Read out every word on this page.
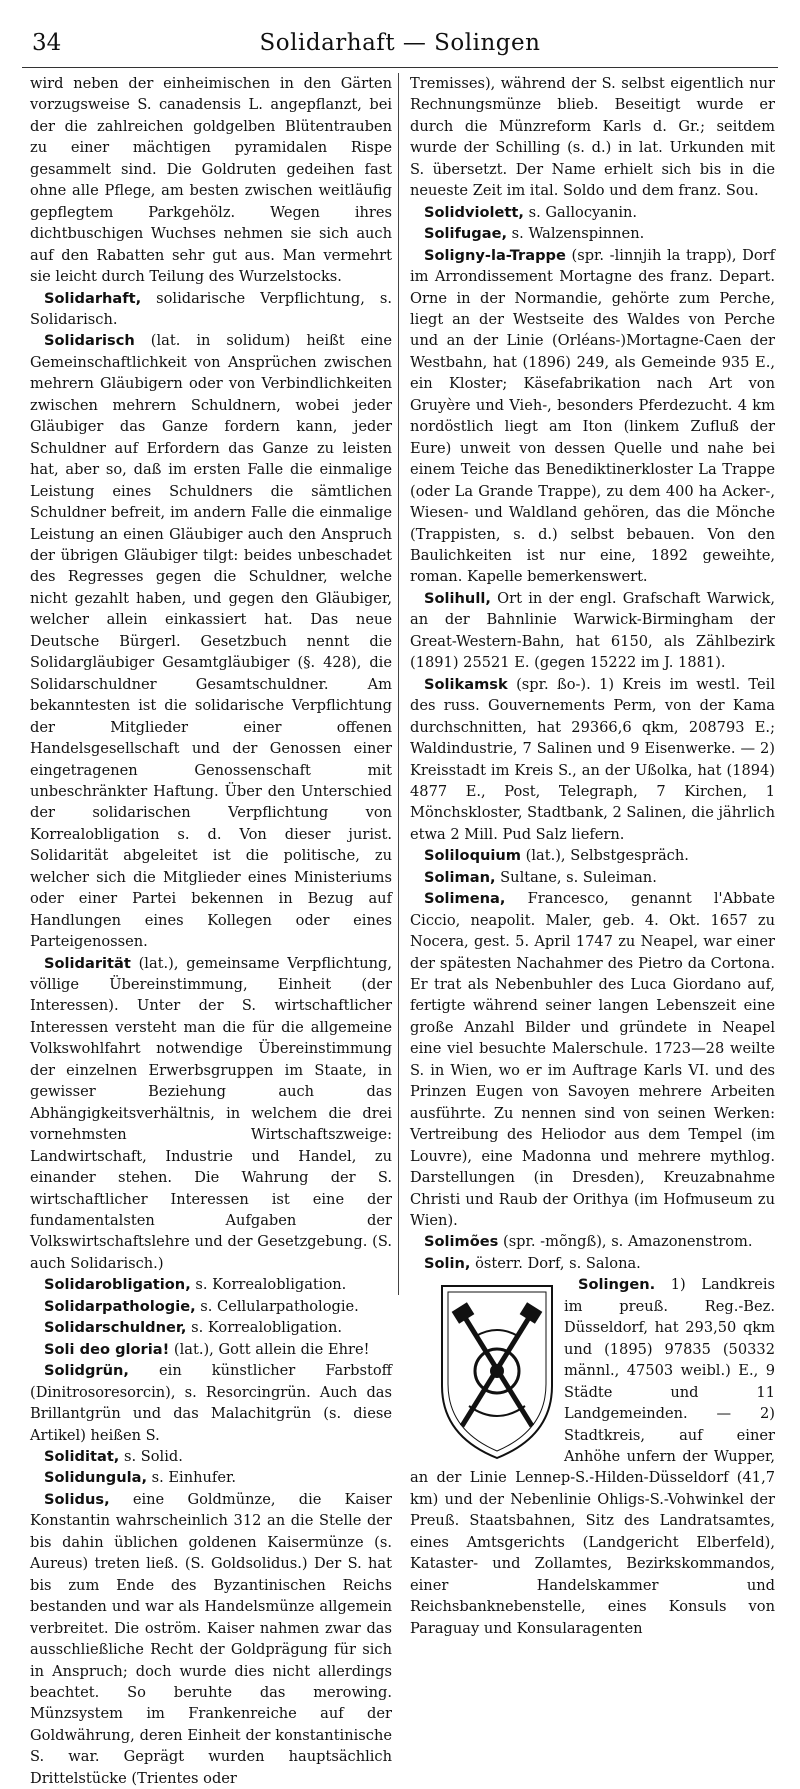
34	Solidarhaft — Solingen

wird neben der einheimischen in den Gärten vorzugsweise S. canadensis L. angepflanzt, bei der die zahlreichen goldgelben Blütentrauben zu einer mächtigen pyramidalen Rispe gesammelt sind. Die Goldruten gedeihen fast ohne alle Pflege, am besten zwischen weitläufig gepflegtem Parkgehölz. Wegen ihres dichtbuschigen Wuchses nehmen sie sich auch auf den Rabatten sehr gut aus. Man vermehrt sie leicht durch Teilung des Wurzelstocks.

Solidarhaft, solidarische Verpflichtung, s. Solidarisch.

Solidarisch (lat. in solidum) heißt eine Gemeinschaftlichkeit von Ansprüchen zwischen mehrern Gläubigern oder von Verbindlichkeiten zwischen mehrern Schuldnern, wobei jeder Gläubiger das Ganze fordern kann, jeder Schuldner auf Erfordern das Ganze zu leisten hat, aber so, daß im ersten Falle die einmalige Leistung eines Schuldners die sämtlichen Schuldner befreit, im andern Falle die einmalige Leistung an einen Gläubiger auch den Anspruch der übrigen Gläubiger tilgt: beides unbeschadet des Regresses gegen die Schuldner, welche nicht gezahlt haben, und gegen den Gläubiger, welcher allein einkassiert hat. Das neue Deutsche Bürgerl. Gesetzbuch nennt die Solidargläubiger Gesamtgläubiger (§. 428), die Solidarschuldner Gesamtschuldner. Am bekanntesten ist die solidarische Verpflichtung der Mitglieder einer offenen Handelsgesellschaft und der Genossen einer eingetragenen Genossenschaft mit unbeschränkter Haftung. Über den Unterschied der solidarischen Verpflichtung von Korrealobligation s. d. Von dieser jurist. Solidarität abgeleitet ist die politische, zu welcher sich die Mitglieder eines Ministeriums oder einer Partei bekennen in Bezug auf Handlungen eines Kollegen oder eines Parteigenossen.

Solidarität (lat.), gemeinsame Verpflichtung, völlige Übereinstimmung, Einheit (der Interessen). Unter der S. wirtschaftlicher Interessen versteht man die für die allgemeine Volkswohlfahrt notwendige Übereinstimmung der einzelnen Erwerbsgruppen im Staate, in gewisser Beziehung auch das Abhängigkeitsverhältnis, in welchem die drei vornehmsten Wirtschaftszweige: Landwirtschaft, Industrie und Handel, zu einander stehen. Die Wahrung der S. wirtschaftlicher Interessen ist eine der fundamentalsten Aufgaben der Volkswirtschaftslehre und der Gesetzgebung. (S. auch Solidarisch.)

Solidarobligation, s. Korrealobligation.

Solidarpathologie, s. Cellularpathologie.

Solidarschuldner, s. Korrealobligation.

Soli deo gloria! (lat.), Gott allein die Ehre!

Solidgrün, ein künstlicher Farbstoff (Dinitrosoresorcin), s. Resorcingrün. Auch das Brillantgrün und das Malachitgrün (s. diese Artikel) heißen S.

Soliditat, s. Solid.

Solidungula, s. Einhufer.

Solidus, eine Goldmünze, die Kaiser Konstantin wahrscheinlich 312 an die Stelle der bis dahin üblichen goldenen Kaisermünze (s. Aureus) treten ließ. (S. Goldsolidus.) Der S. hat bis zum Ende des Byzantinischen Reichs bestanden und war als Handelsmünze allgemein verbreitet. Die oström. Kaiser nahmen zwar das ausschließliche Recht der Goldprägung für sich in Anspruch; doch wurde dies nicht allerdings beachtet. So beruhte das merowing. Münzsystem im Frankenreiche auf der Goldwährung, deren Einheit der konstantinische S. war. Geprägt wurden hauptsächlich Drittelstücke (Trientes oder

Tremisses), während der S. selbst eigentlich nur Rechnungsmünze blieb. Beseitigt wurde er durch die Münzreform Karls d. Gr.; seitdem wurde der Schilling (s. d.) in lat. Urkunden mit S. übersetzt. Der Name erhielt sich bis in die neueste Zeit im ital. Soldo und dem franz. Sou.

Solidviolett, s. Gallocyanin.

Solifugae, s. Walzenspinnen.

Soligny-la-Trappe (spr. -linnjih la trapp), Dorf im Arrondissement Mortagne des franz. Depart. Orne in der Normandie, gehörte zum Perche, liegt an der Westseite des Waldes von Perche und an der Linie (Orléans-)Mortagne-Caen der Westbahn, hat (1896) 249, als Gemeinde 935 E., ein Kloster; Käsefabrikation nach Art von Gruyère und Vieh-, besonders Pferdezucht. 4 km nordöstlich liegt am Iton (linkem Zufluß der Eure) unweit von dessen Quelle und nahe bei einem Teiche das Benediktinerkloster La Trappe (oder La Grande Trappe), zu dem 400 ha Acker-, Wiesen- und Waldland gehören, das die Mönche (Trappisten, s. d.) selbst bebauen. Von den Baulichkeiten ist nur eine, 1892 geweihte, roman. Kapelle bemerkenswert.

Solihull, Ort in der engl. Grafschaft Warwick, an der Bahnlinie Warwick-Birmingham der Great-Western-Bahn, hat 6150, als Zählbezirk (1891) 25521 E. (gegen 15222 im J. 1881).

Solikamsk (spr. ßo-). 1) Kreis im westl. Teil des russ. Gouvernements Perm, von der Kama durchschnitten, hat 29366,6 qkm, 208793 E.; Waldindustrie, 7 Salinen und 9 Eisenwerke. — 2) Kreisstadt im Kreis S., an der Ußolka, hat (1894) 4877 E., Post, Telegraph, 7 Kirchen, 1 Mönchskloster, Stadtbank, 2 Salinen, die jährlich etwa 2 Mill. Pud Salz liefern.

Soliloquium (lat.), Selbstgespräch.

Soliman, Sultane, s. Suleiman.

Solimena, Francesco, genannt l'Abbate Ciccio, neapolit. Maler, geb. 4. Okt. 1657 zu Nocera, gest. 5. April 1747 zu Neapel, war einer der spätesten Nachahmer des Pietro da Cortona. Er trat als Nebenbuhler des Luca Giordano auf, fertigte während seiner langen Lebenszeit eine große Anzahl Bilder und gründete in Neapel eine viel besuchte Malerschule. 1723—28 weilte S. in Wien, wo er im Auftrage Karls VI. und des Prinzen Eugen von Savoyen mehrere Arbeiten ausführte. Zu nennen sind von seinen Werken: Vertreibung des Heliodor aus dem Tempel (im Louvre), eine Madonna und mehrere mythlog. Darstellungen (in Dresden), Kreuzabnahme Christi und Raub der Orithya (im Hofmuseum zu Wien).

Solimões (spr. -mõngß), s. Amazonenstrom.

Solin, österr. Dorf, s. Salona.

Solingen. 1) Landkreis im preuß. Reg.-Bez. Düsseldorf, hat 293,50 qkm und (1895) 97835 (50332 männl., 47503 weibl.) E., 9 Städte und 11 Landgemeinden. — 2) Stadtkreis, auf einer Anhöhe unfern der Wupper, an der Linie Lennep-S.-Hilden-Düsseldorf (41,7 km) und der Nebenlinie Ohligs-S.-Vohwinkel der Preuß. Staatsbahnen, Sitz des Landratsamtes, eines Amtsgerichts (Landgericht Elberfeld), Kataster- und Zollamtes, Bezirkskommandos, einer Handelskammer und Reichsbanknebenstelle, eines Konsuls von Paraguay und Konsularagenten
